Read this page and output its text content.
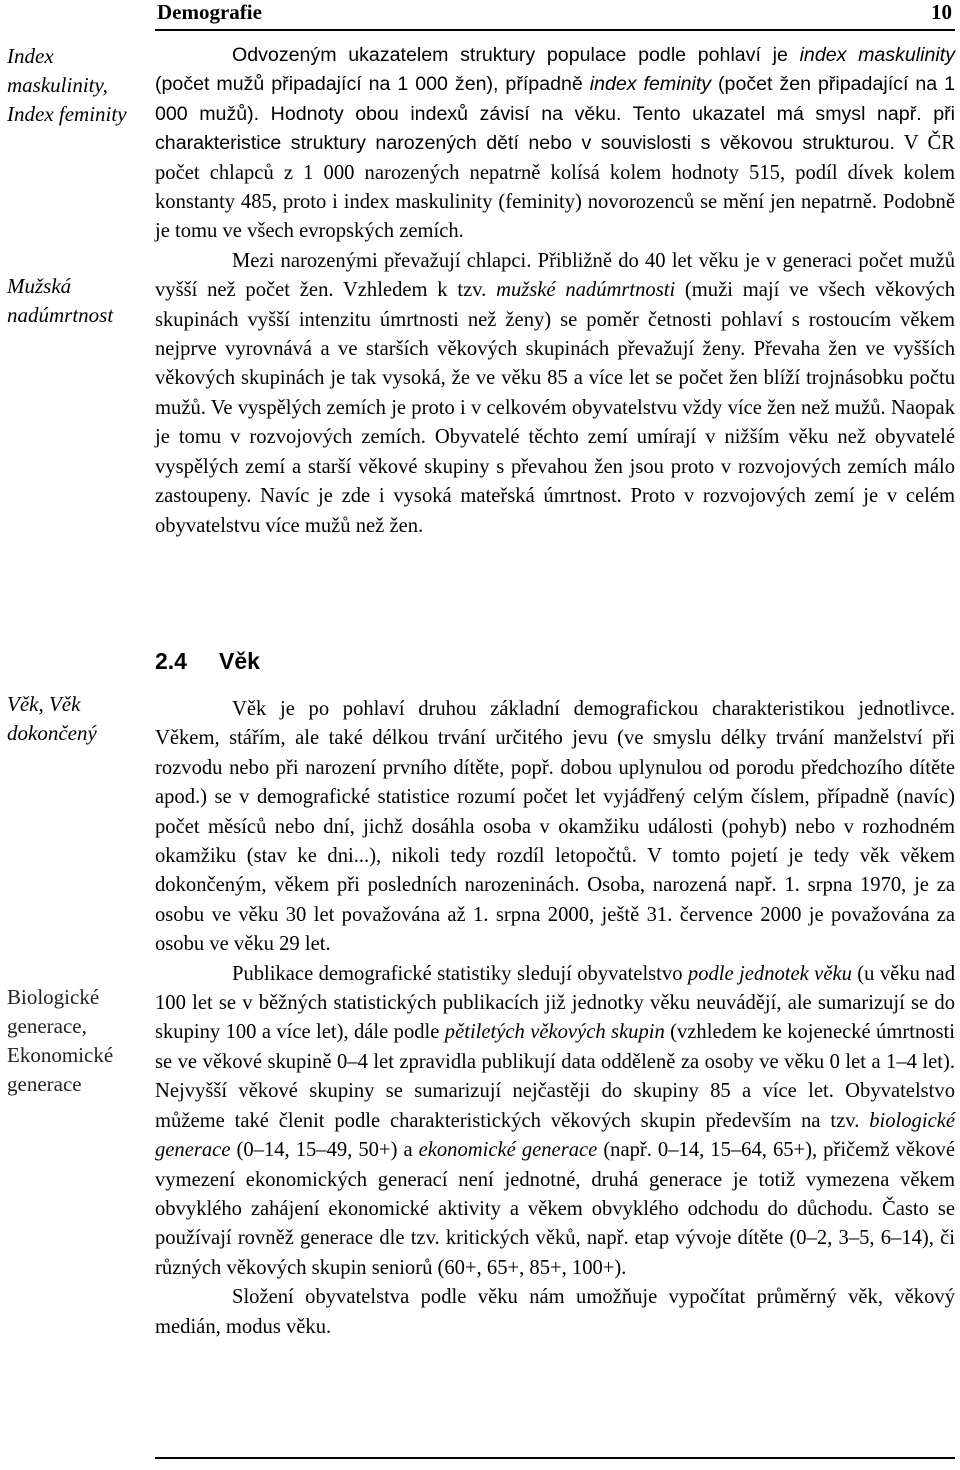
Demografie	10
Index maskulinity, Index feminity
Mužská nadúmrtnost
Věk, Věk dokončený
Biologické generace, Ekonomické generace

Odvozeným ukazatelem struktury populace podle pohlaví je index maskulinity (počet mužů připadající na 1 000 žen), případně index feminity (počet žen připadající na 1 000 mužů). Hodnoty obou indexů závisí na věku. Tento ukazatel má smysl např. při charakteristice struktury narozených dětí nebo v souvislosti s věkovou strukturou. V ČR počet chlapců z 1 000 narozených nepatrně kolísá kolem hodnoty 515, podíl dívek kolem konstanty 485, proto i index maskulinity (feminity) novorozenců se mění jen nepatrně. Podobně je tomu ve všech evropských zemích.

Mezi narozenými převažují chlapci. Přibližně do 40 let věku je v generaci počet mužů vyšší než počet žen. Vzhledem k tzv. mužské nadúmrtnosti (muži mají ve všech věkových skupinách vyšší intenzitu úmrtnosti než ženy) se poměr četnosti pohlaví s rostoucím věkem nejprve vyrovnává a ve starších věkových skupinách převažují ženy. Převaha žen ve vyšších věkových skupinách je tak vysoká, že ve věku 85 a více let se počet žen blíží trojnásobku počtu mužů. Ve vyspělých zemích je proto i v celkovém obyvatelstvu vždy více žen než mužů. Naopak je tomu v rozvojových zemích. Obyvatelé těchto zemí umírají v nižším věku než obyvatelé vyspělých zemí a starší věkové skupiny s převahou žen jsou proto v rozvojových zemích málo zastoupeny. Navíc je zde i vysoká mateřská úmrtnost. Proto v rozvojových zemí je v celém obyvatelstvu více mužů než žen.

2.4 Věk

Věk je po pohlaví druhou základní demografickou charakteristikou jednotlivce. Věkem, stářím, ale také délkou trvání určitého jevu (ve smyslu délky trvání manželství při rozvodu nebo při narození prvního dítěte, popř. dobou uplynulou od porodu předchozího dítěte apod.) se v demografické statistice rozumí počet let vyjádřený celým číslem, případně (navíc) počet měsíců nebo dní, jichž dosáhla osoba v okamžiku události (pohyb) nebo v rozhodném okamžiku (stav ke dni...), nikoli tedy rozdíl letopočtů. V tomto pojetí je tedy věk věkem dokončeným, věkem při posledních narozeninách. Osoba, narozená např. 1. srpna 1970, je za osobu ve věku 30 let považována až 1. srpna 2000, ještě 31. července 2000 je považována za osobu ve věku 29 let.

Publikace demografické statistiky sledují obyvatelstvo podle jednotek věku (u věku nad 100 let se v běžných statistických publikacích již jednotky věku neuvádějí, ale sumarizují se do skupiny 100 a více let), dále podle pětiletých věkových skupin (vzhledem ke kojenecké úmrtnosti se ve věkové skupině 0–4 let zpravidla publikují data odděleně za osoby ve věku 0 let a 1–4 let). Nejvyšší věkové skupiny se sumarizují nejčastěji do skupiny 85 a více let. Obyvatelstvo můžeme také členit podle charakteristických věkových skupin především na tzv. biologické generace (0–14, 15–49, 50+) a ekonomické generace (např. 0–14, 15–64, 65+), přičemž věkové vymezení ekonomických generací není jednotné, druhá generace je totiž vymezena věkem obvyklého zahájení ekonomické aktivity a věkem obvyklého odchodu do důchodu. Často se používají rovněž generace dle tzv. kritických věků, např. etap vývoje dítěte (0–2, 3–5, 6–14), či různých věkových skupin seniorů (60+, 65+, 85+, 100+).

Složení obyvatelstva podle věku nám umožňuje vypočítat průměrný věk, věkový medián, modus věku.
